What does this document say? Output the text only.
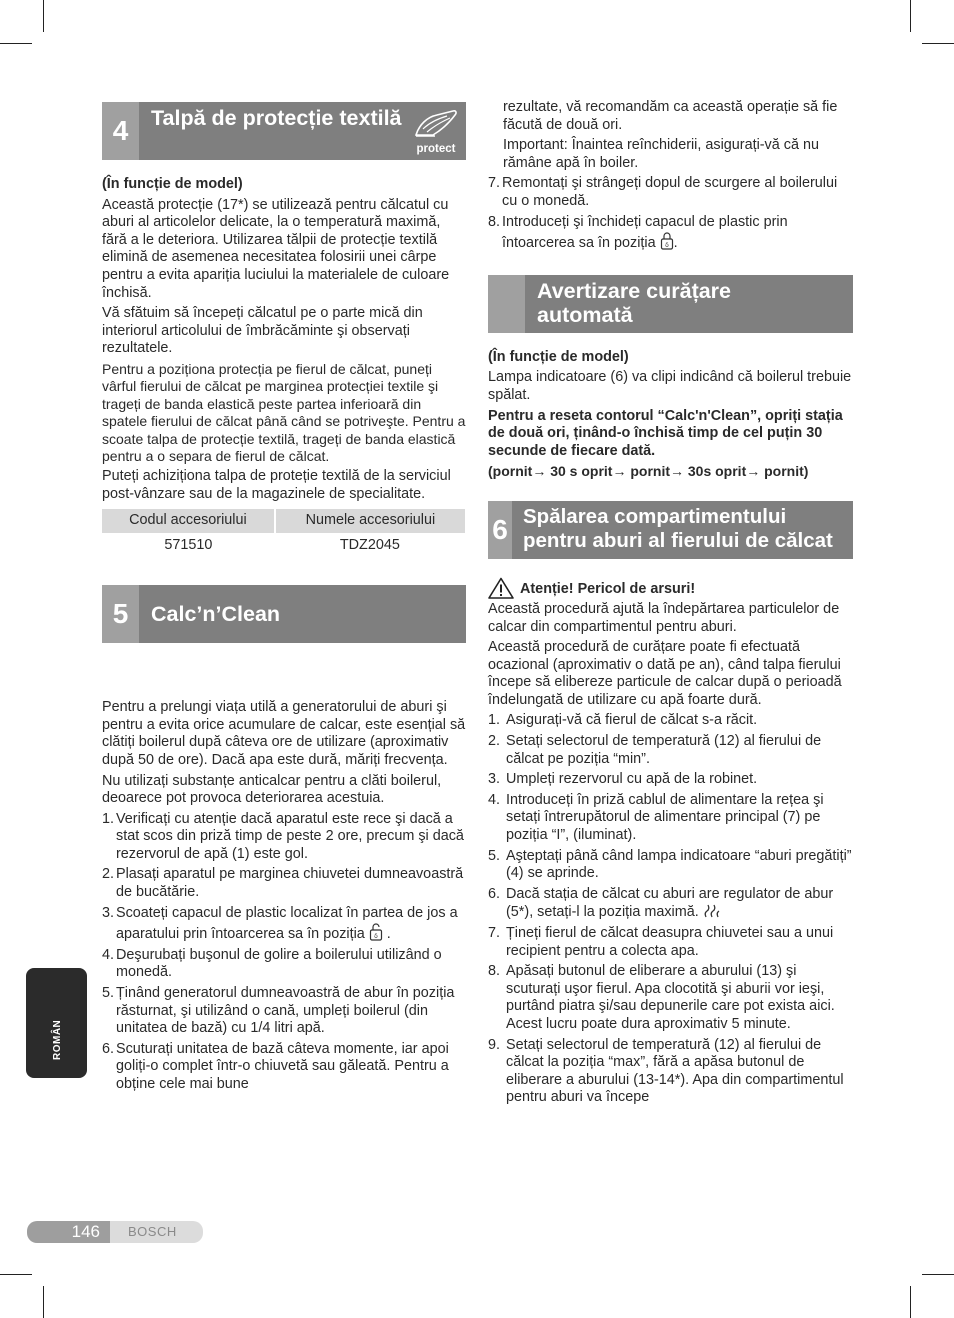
4	Talpă de protecție textilă
protect

(În funcție de model)

Această protecție (17*) se utilizează pentru călcatul cu aburi al articolelor delicate, la o temperatură maximă, fără a le deteriora. Utilizarea tălpii de protecție textilă elimină de asemenea necesitatea folosirii unei cârpe pentru a evita apariția luciului la materialele de culoare închisă.

Vă sfătuim să începeți călcatul pe o parte mică din interiorul articolului de îmbrăcăminte şi observați rezultatele.

Pentru a poziționa protecția pe fierul de călcat, puneți vârful fierului de călcat pe marginea protecției textile şi trageți de banda elastică peste partea inferioară din spatele fierului de călcat până când se potriveşte. Pentru a scoate talpa de protecție textilă, trageți de banda elastică pentru a o separa de fierul de călcat.

Puteți achiziționa talpa de proteție textilă de la serviciul post-vânzare sau de la magazinele de specialitate.

Codul accesoriului	Numele accesoriului
571510	TDZ2045
5	Calc’n’Clean

Pentru a prelungi viața utilă a generatorului de aburi şi pentru a evita orice acumulare de calcar, este esențial să clătiți boilerul după câteva ore de utilizare (aproximativ după 50 de ore). Dacă apa este dură, măriți frecvența.

Nu utilizați substanțe anticalcar pentru a clăti boilerul, deoarece pot provoca deteriorarea acestuia.

1. Verificați cu atenție dacă aparatul este rece şi dacă a stat scos din priză timp de peste 2 ore, precum şi dacă rezervorul de apă (1) este gol.
2. Plasați aparatul pe marginea chiuvetei dumneavoastră de bucătărie.
3. Scoateți capacul de plastic localizat în partea de jos a aparatului prin întoarcerea sa în poziția δ .
4. Deşurubați buşonul de golire a boilerului utilizând o monedă.
5. Ținând generatorul dumneavoastră de abur în poziția răsturnat, şi utilizând o cană, umpleți boilerul (din unitatea de bază) cu 1/4 litri apă.
6. Scuturați unitatea de bază câteva momente, iar apoi goliți-o complet într-o chiuvetă sau găleată. Pentru a obține cele mai bune

rezultate, vă recomandăm ca această operație să fie făcută de două ori.

Important: Înaintea reînchiderii, asigurați-vă că nu rămâne apă în boiler.

7. Remontați şi strângeți dopul de scurgere al boilerului cu o monedă.
8. Introduceți şi închideți capacul de plastic prin întoarcerea sa în poziția δ .
Avertizare curățare automată

(În funcție de model)

Lampa indicatoare (6) va clipi indicând că boilerul trebuie spălat.

Pentru a reseta contorul “Calc'n'Clean”, opriți stația de două ori, ținând-o închisă timp de cel puțin 30 secunde de fiecare dată.

(pornit→ 30 s oprit→ pornit→ 30s oprit→ pornit)

6 Spălarea compartimentului pentru aburi al fierului de călcat
Atenție! Pericol de arsuri!

Această procedură ajută la îndepărtarea particulelor de calcar din compartimentul pentru aburi.

Această procedură de curățare poate fi efectuată ocazional (aproximativ o dată pe an), când talpa fierului începe să elibereze particule de calcar după o perioadă îndelungată de utilizare cu apă foarte dură.

1. Asigurați-vă că fierul de călcat s-a răcit.
2. Setați selectorul de temperatură (12) al fierului de călcat pe poziția “min”.
3. Umpleți rezervorul cu apă de la robinet.
4. Introduceți în priză cablul de alimentare la rețea şi setați întrerupătorul de alimentare principal (7) pe poziția “I”, (iluminat).
5. Aşteptați până când lampa indicatoare “aburi pregătiți” (4) se aprinde.
6. Dacă stația de călcat cu aburi are regulator de abur (5*), setați-l la poziția maximă.
7. Țineți fierul de călcat deasupra chiuvetei sau a unui recipient pentru a colecta apa.
8. Apăsați butonul de eliberare a aburului (13) şi scuturați uşor fierul. Apa clocotită şi aburii vor ieşi, purtând piatra şi/sau depunerile care pot exista aici. Acest lucru poate dura aproximativ 5 minute.
9. Setați selectorul de temperatură (12) al fierului de călcat la poziția “max”, fără a apăsa butonul de eliberare a aburului (13-14*). Apa din compartimentul pentru aburi va începe
ROMÂN
146	BOSCH
